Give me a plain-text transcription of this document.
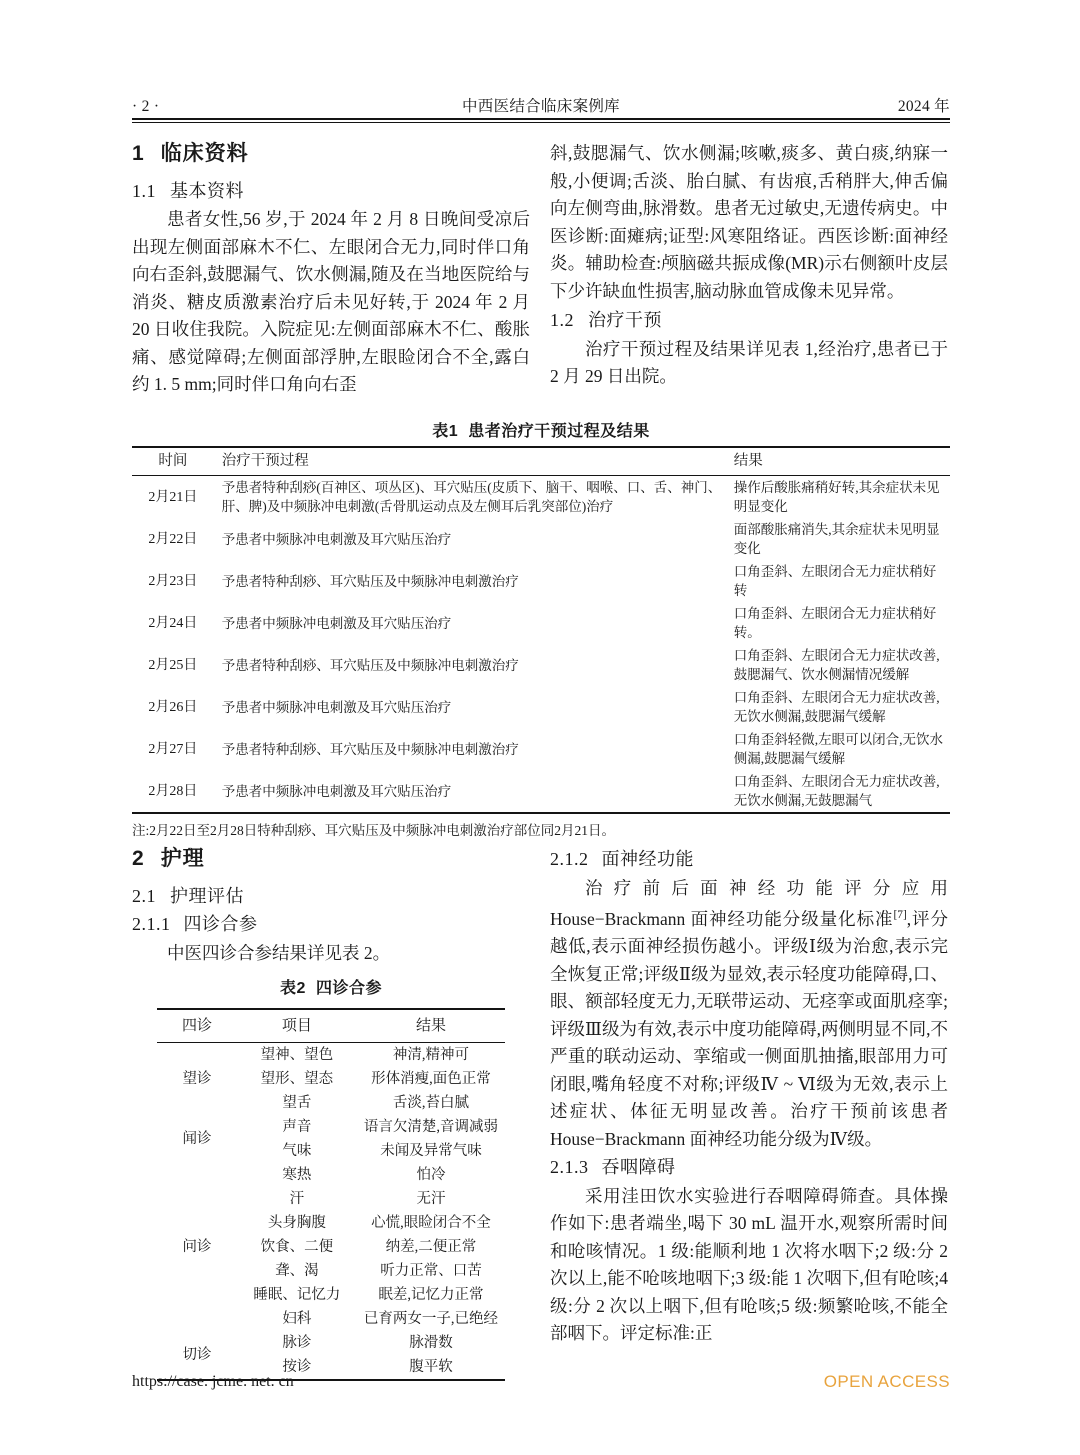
· 2 ·	中西医结合临床案例库	2024 年
1 临床资料
1.1 基本资料

患者女性,56 岁,于 2024 年 2 月 8 日晚间受凉后出现左侧面部麻木不仁、左眼闭合无力,同时伴口角向右歪斜,鼓腮漏气、饮水侧漏,随及在当地医院给与消炎、糖皮质激素治疗后未见好转,于 2024 年 2 月 20 日收住我院。入院症见:左侧面部麻木不仁、酸胀痛、感觉障碍;左侧面部浮肿,左眼睑闭合不全,露白约 1. 5 mm;同时伴口角向右歪

斜,鼓腮漏气、饮水侧漏;咳嗽,痰多、黄白痰,纳寐一般,小便调;舌淡、胎白腻、有齿痕,舌稍胖大,伸舌偏向左侧弯曲,脉滑数。患者无过敏史,无遗传病史。中医诊断:面瘫病;证型:风寒阻络证。西医诊断:面神经炎。辅助检查:颅脑磁共振成像(MR)示右侧额叶皮层下少许缺血性损害,脑动脉血管成像未见异常。

1.2 治疗干预

治疗干预过程及结果详见表 1,经治疗,患者已于 2 月 29 日出院。

表1 患者治疗干预过程及结果
时间	治疗干预过程	结果
2月21日	予患者特种刮痧(百神区、项丛区)、耳穴贴压(皮质下、脑干、咽喉、口、舌、神门、肝、脾)及中频脉冲电刺激(舌骨肌运动点及左侧耳后乳突部位)治疗	操作后酸胀痛稍好转,其余症状未见明显变化
2月22日	予患者中频脉冲电刺激及耳穴贴压治疗	面部酸胀痛消失,其余症状未见明显变化
2月23日	予患者特种刮痧、耳穴贴压及中频脉冲电刺激治疗	口角歪斜、左眼闭合无力症状稍好转
2月24日	予患者中频脉冲电刺激及耳穴贴压治疗	口角歪斜、左眼闭合无力症状稍好转。
2月25日	予患者特种刮痧、耳穴贴压及中频脉冲电刺激治疗	口角歪斜、左眼闭合无力症状改善,鼓腮漏气、饮水侧漏情况缓解
2月26日	予患者中频脉冲电刺激及耳穴贴压治疗	口角歪斜、左眼闭合无力症状改善,无饮水侧漏,鼓腮漏气缓解
2月27日	予患者特种刮痧、耳穴贴压及中频脉冲电刺激治疗	口角歪斜轻微,左眼可以闭合,无饮水侧漏,鼓腮漏气缓解
2月28日	予患者中频脉冲电刺激及耳穴贴压治疗	口角歪斜、左眼闭合无力症状改善,无饮水侧漏,无鼓腮漏气

注:2月22日至2月28日特种刮痧、耳穴贴压及中频脉冲电刺激治疗部位同2月21日。

2 护理
2.1 护理评估
2.1.1 四诊合参

中医四诊合参结果详见表 2。

表2 四诊合参
四诊	项目	结果
望诊	望神、望色	神清,精神可
	望形、望态	形体消瘦,面色正常
	望舌	舌淡,苔白腻
闻诊	声音	语言欠清楚,音调减弱
	气味	未闻及异常气味
问诊	寒热	怕冷
	汗	无汗
	头身胸腹	心慌,眼睑闭合不全
	饮食、二便	纳差,二便正常
	聋、渴	听力正常、口苦
	睡眠、记忆力	眠差,记忆力正常
	妇科	已育两女一子,已绝经
切诊	脉诊	脉滑数
	按诊	腹平软
2.1.2 面神经功能

治疗前后面神经功能评分应用 House−Brackmann 面神经功能分级量化标准[7],评分越低,表示面神经损伤越小。评级Ⅰ级为治愈,表示完全恢复正常;评级Ⅱ级为显效,表示轻度功能障碍,口、眼、额部轻度无力,无联带运动、无痉挛或面肌痉挛;评级Ⅲ级为有效,表示中度功能障碍,两侧明显不同,不严重的联动运动、挛缩或一侧面肌抽搐,眼部用力可闭眼,嘴角轻度不对称;评级Ⅳ ~ Ⅵ级为无效,表示上述症状、体征无明显改善。治疗干预前该患者 House−Brackmann 面神经功能分级为Ⅳ级。

2.1.3 吞咽障碍

采用洼田饮水实验进行吞咽障碍筛查。具体操作如下:患者端坐,喝下 30 mL 温开水,观察所需时间和呛咳情况。1 级:能顺利地 1 次将水咽下;2 级:分 2 次以上,能不呛咳地咽下;3 级:能 1 次咽下,但有呛咳;4 级:分 2 次以上咽下,但有呛咳;5 级:频繁呛咳,不能全部咽下。评定标准:正

https://case. jcme. net. cn	OPEN ACCESS
